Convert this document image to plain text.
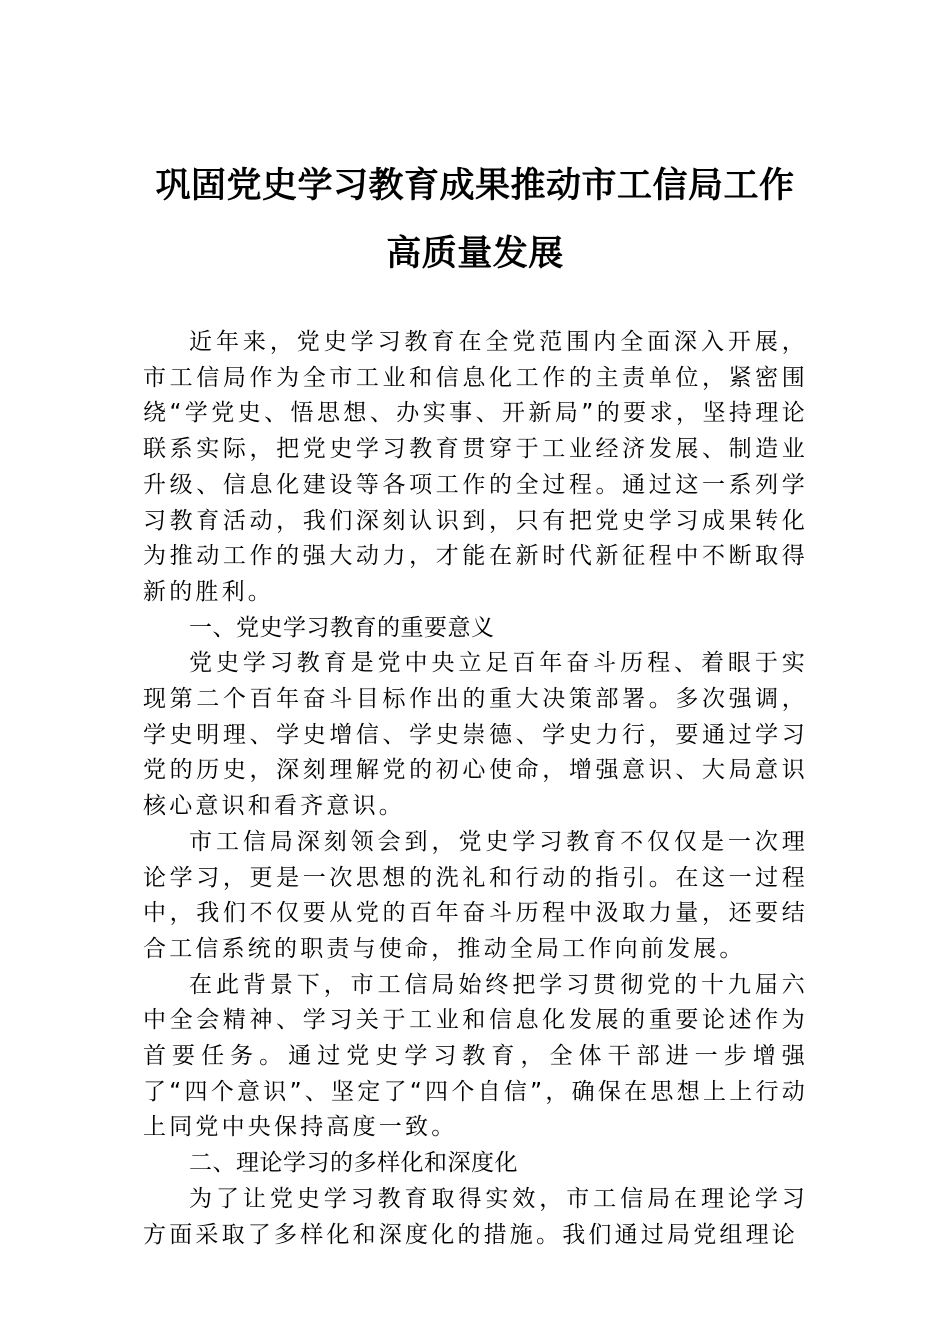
巩固党史学习教育成果推动市工信局工作
高质量发展

近年来，党史学习教育在全党范围内全面深入开展，市工信局作为全市工业和信息化工作的主责单位，紧密围绕“学党史、悟思想、办实事、开新局”的要求，坚持理论联系实际，把党史学习教育贯穿于工业经济发展、制造业升级、信息化建设等各项工作的全过程。通过这一系列学习教育活动，我们深刻认识到，只有把党史学习成果转化为推动工作的强大动力，才能在新时代新征程中不断取得新的胜利。

一、党史学习教育的重要意义

党史学习教育是党中央立足百年奋斗历程、着眼于实现第二个百年奋斗目标作出的重大决策部署。多次强调，学史明理、学史增信、学史崇德、学史力行，要通过学习党的历史，深刻理解党的初心使命，增强意识、大局意识核心意识和看齐意识。

市工信局深刻领会到，党史学习教育不仅仅是一次理论学习，更是一次思想的洗礼和行动的指引。在这一过程中，我们不仅要从党的百年奋斗历程中汲取力量，还要结合工信系统的职责与使命，推动全局工作向前发展。

在此背景下，市工信局始终把学习贯彻党的十九届六中全会精神、学习关于工业和信息化发展的重要论述作为首要任务。通过党史学习教育，全体干部进一步增强了“四个意识”、坚定了“四个自信”，确保在思想上上行动上同党中央保持高度一致。

二、理论学习的多样化和深度化

为了让党史学习教育取得实效，市工信局在理论学习方面采取了多样化和深度化的措施。我们通过局党组理论
